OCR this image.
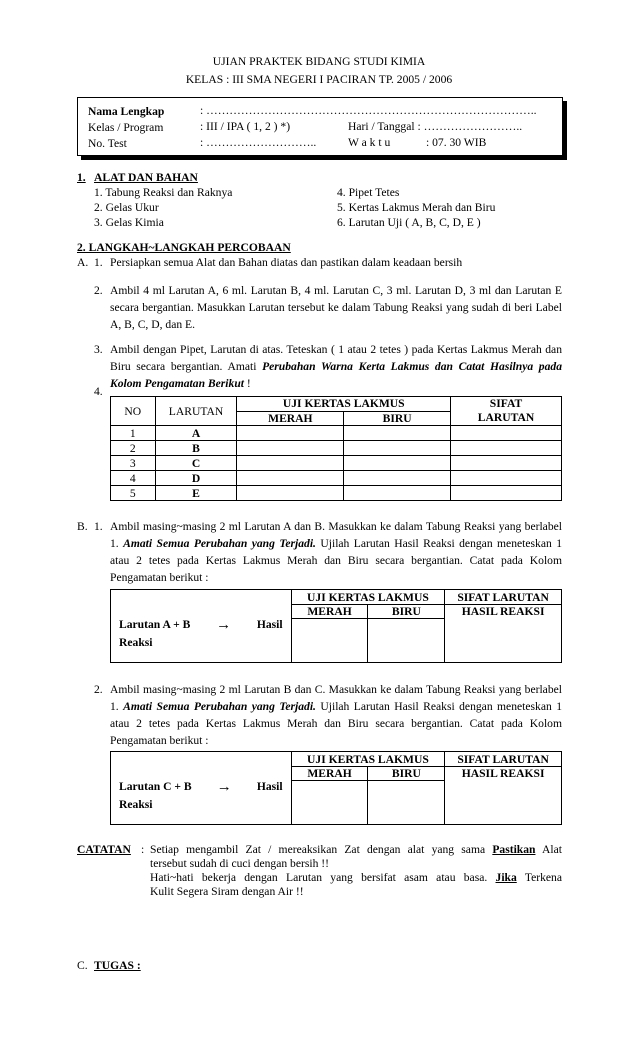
UJIAN PRAKTEK BIDANG STUDI KIMIA
KELAS : III SMA NEGERI I PACIRAN TP. 2005 / 2006
Nama Lengkap	: …………………………………………………………………………..
Kelas / Program	: III / IPA ( 1, 2 ) *)	Hari / Tanggal : ……………………..
No. Test	: ………………………..	W a k t u	: 07. 30 WIB
1. ALAT DAN BAHAN
1. Tabung Reaksi dan Raknya
2. Gelas Ukur
3. Gelas Kimia
4. Pipet Tetes
5. Kertas Lakmus Merah dan Biru
6. Larutan Uji ( A, B, C, D, E )
2. LANGKAH~LANGKAH PERCOBAAN
A. 1. Persiapkan semua Alat dan Bahan diatas dan pastikan dalam keadaan bersih
2. Ambil 4 ml Larutan A, 6 ml. Larutan B, 4 ml. Larutan C, 3 ml. Larutan D, 3 ml dan Larutan E secara bergantian. Masukkan Larutan tersebut ke dalam Tabung Reaksi yang sudah di beri Label A, B, C, D, dan E.
3. Ambil dengan Pipet, Larutan di atas. Teteskan ( 1 atau 2 tetes ) pada Kertas Lakmus Merah dan Biru secara bergantian. Amati Perubahan Warna Kerta Lakmus dan Catat Hasilnya pada Kolom Pengamatan Berikut !
4.
NO	LARUTAN	UJI KERTAS LAKMUS		SIFAT
LARUTAN

		MERAH	BIRU	
1	A			
2	B			
3	C			
4	D			
5	E			
B. 1. Ambil masing~masing 2 ml Larutan A dan B. Masukkan ke dalam Tabung Reaksi yang berlabel 1. Amati Semua Perubahan yang Terjadi. Ujilah Larutan Hasil Reaksi dengan meneteskan 1 atau 2 tetes pada Kertas Lakmus Merah dan Biru secara bergantian. Catat pada Kolom Pengamatan berikut :
Larutan A + B → Hasil
Reaksi	UJI KERTAS LAKMUS		SIFAT LARUTAN

	MERAH	BIRU	HASIL REAKSI
2. Ambil masing~masing 2 ml Larutan B dan C. Masukkan ke dalam Tabung Reaksi yang berlabel 1. Amati Semua Perubahan yang Terjadi. Ujilah Larutan Hasil Reaksi dengan meneteskan 1 atau 2 tetes pada Kertas Lakmus Merah dan Biru secara bergantian. Catat pada Kolom Pengamatan berikut :
Larutan C + B → Hasil
Reaksi	UJI KERTAS LAKMUS		SIFAT LARUTAN

	MERAH	BIRU	HASIL REAKSI
CATATAN : Setiap mengambil Zat / mereaksikan Zat dengan alat yang sama Pastikan Alat
tersebut sudah di cuci dengan bersih !!
Hati~hati bekerja dengan Larutan yang bersifat asam atau basa. Jika Terkena
Kulit Segera Siram dengan Air !!
C. TUGAS :
